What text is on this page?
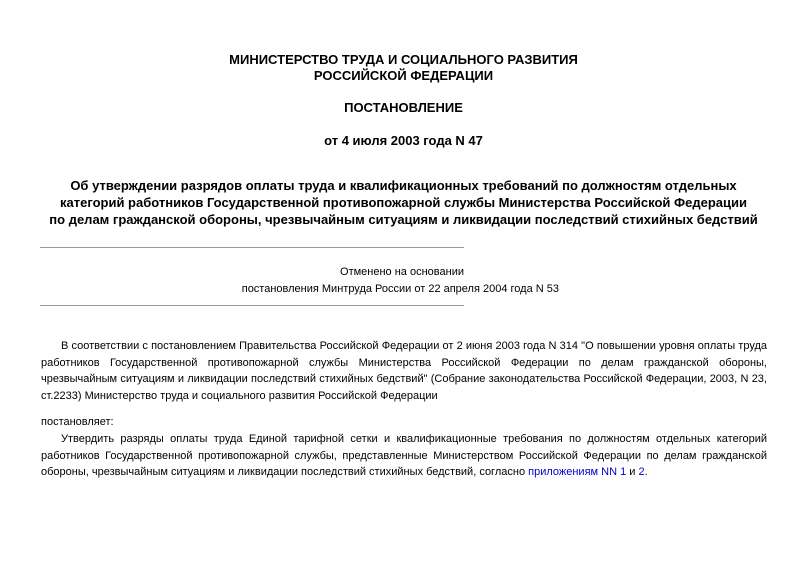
МИНИСТЕРСТВО ТРУДА И СОЦИАЛЬНОГО РАЗВИТИЯ
РОССИЙСКОЙ ФЕДЕРАЦИИ
ПОСТАНОВЛЕНИЕ
от 4 июля 2003 года N 47
Об утверждении разрядов оплаты труда и квалификационных требований по должностям отдельных
категорий работников Государственной противопожарной службы Министерства Российской Федерации
по делам гражданской обороны, чрезвычайным ситуациям и ликвидации последствий стихийных бедствий
Отменено на основании
постановления Минтруда России от 22 апреля 2004 года N 53
В соответствии с постановлением Правительства Российской Федерации от 2 июня 2003 года N 314 "О повышении уровня оплаты труда работников Государственной противопожарной службы Министерства Российской Федерации по делам гражданской обороны, чрезвычайным ситуациям и ликвидации последствий стихийных бедствий" (Собрание законодательства Российской Федерации, 2003, N 23, ст.2233) Министерство труда и социального развития Российской Федерации
постановляет:
Утвердить разряды оплаты труда Единой тарифной сетки и квалификационные требования по должностям отдельных категорий работников Государственной противопожарной службы, представленные Министерством Российской Федерации по делам гражданской обороны, чрезвычайным ситуациям и ликвидации последствий стихийных бедствий, согласно приложениям NN 1 и 2.
